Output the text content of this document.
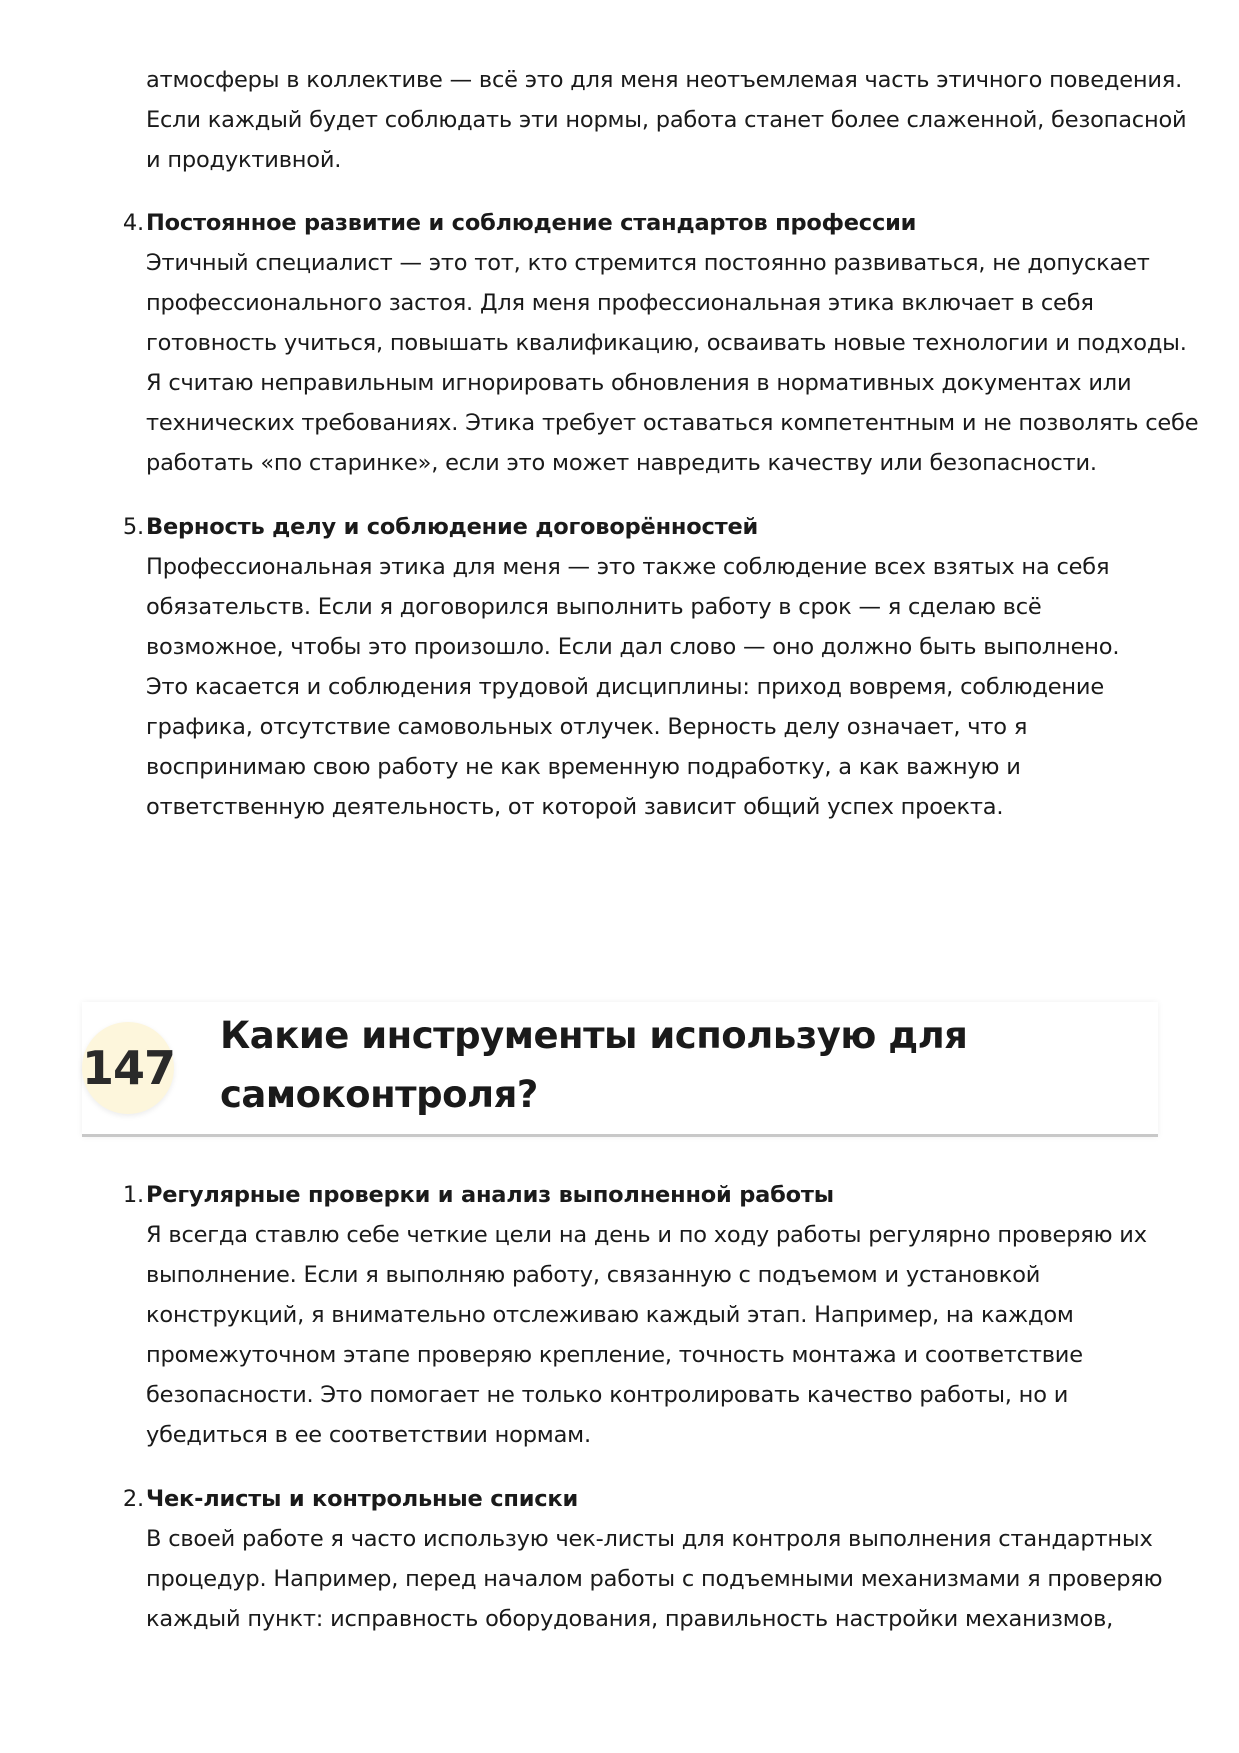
атмосферы в коллективе — всё это для меня неотъемлемая часть этичного поведения.
Если каждый будет соблюдать эти нормы, работа станет более слаженной, безопасной
и продуктивной.
4. Постоянное развитие и соблюдение стандартов профессии
Этичный специалист — это тот, кто стремится постоянно развиваться, не допускает
профессионального застоя. Для меня профессиональная этика включает в себя
готовность учиться, повышать квалификацию, осваивать новые технологии и подходы.
Я считаю неправильным игнорировать обновления в нормативных документах или
технических требованиях. Этика требует оставаться компетентным и не позволять себе
работать «по старинке», если это может навредить качеству или безопасности.
5. Верность делу и соблюдение договорённостей
Профессиональная этика для меня — это также соблюдение всех взятых на себя
обязательств. Если я договорился выполнить работу в срок — я сделаю всё
возможное, чтобы это произошло. Если дал слово — оно должно быть выполнено.
Это касается и соблюдения трудовой дисциплины: приход вовремя, соблюдение
графика, отсутствие самовольных отлучек. Верность делу означает, что я
воспринимаю свою работу не как временную подработку, а как важную и
ответственную деятельность, от которой зависит общий успех проекта.
147
Какие инструменты использую для
самоконтроля?
1. Регулярные проверки и анализ выполненной работы
Я всегда ставлю себе четкие цели на день и по ходу работы регулярно проверяю их
выполнение. Если я выполняю работу, связанную с подъемом и установкой
конструкций, я внимательно отслеживаю каждый этап. Например, на каждом
промежуточном этапе проверяю крепление, точность монтажа и соответствие
безопасности. Это помогает не только контролировать качество работы, но и
убедиться в ее соответствии нормам.
2. Чек-листы и контрольные списки
В своей работе я часто использую чек-листы для контроля выполнения стандартных
процедур. Например, перед началом работы с подъемными механизмами я проверяю
каждый пункт: исправность оборудования, правильность настройки механизмов,
